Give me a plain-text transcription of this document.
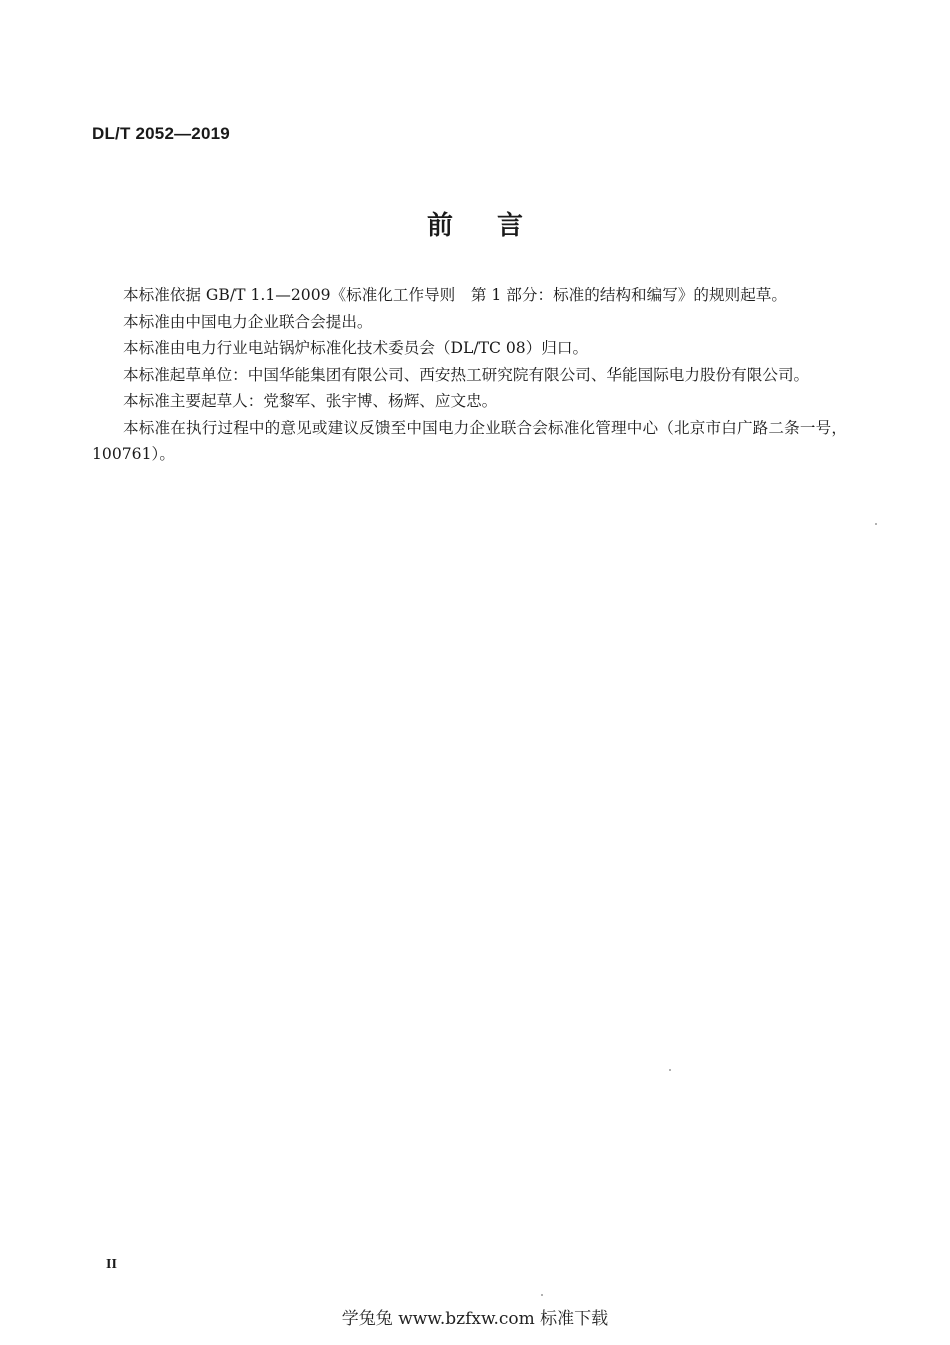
DL/T 2052—2019
前言

本标准依据 GB/T 1.1—2009《标准化工作导则　第 1 部分：标准的结构和编写》的规则起草。

本标准由中国电力企业联合会提出。

本标准由电力行业电站锅炉标准化技术委员会（DL/TC 08）归口。

本标准起草单位：中国华能集团有限公司、西安热工研究院有限公司、华能国际电力股份有限公司。

本标准主要起草人：党黎军、张宇博、杨辉、应文忠。

本标准在执行过程中的意见或建议反馈至中国电力企业联合会标准化管理中心（北京市白广路二条一号，100761）。

II
学兔兔 www.bzfxw.com 标准下载
